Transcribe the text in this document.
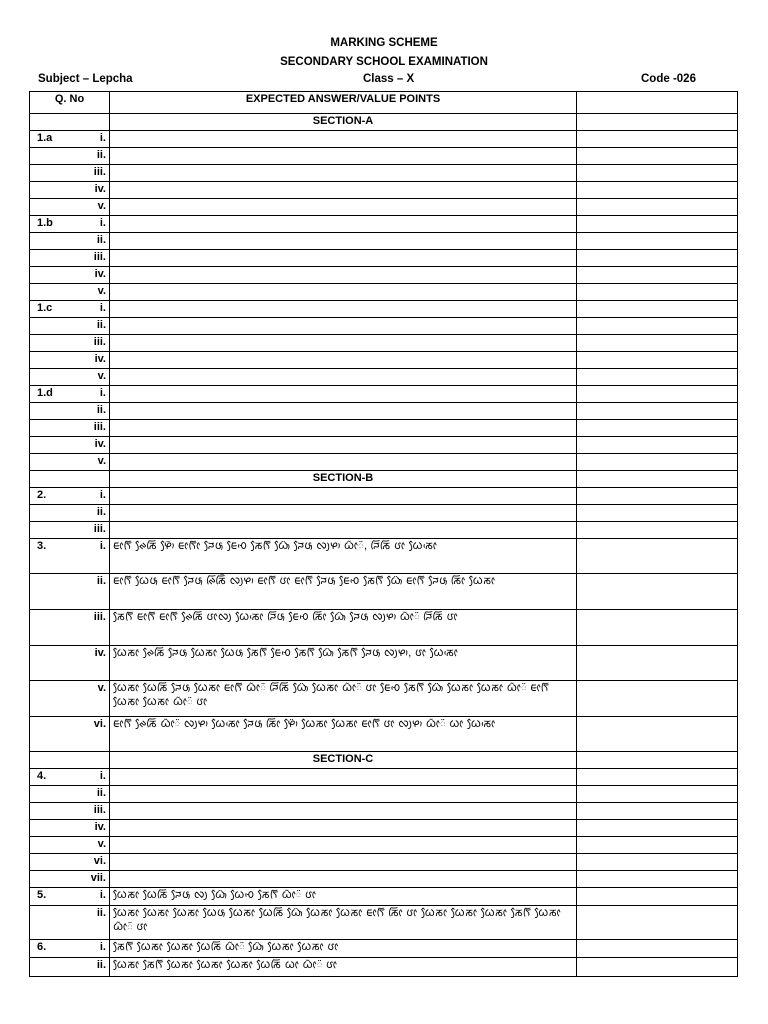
MARKING SCHEME
SECONDARY SCHOOL EXAMINATION
Subject – Lepcha	Class – X	Code -026
Q. No	EXPECTED ANSWER/VALUE POINTS	
	SECTION-A	

1.a i.		
ii.		
iii.		
iv.		
v.		

1.b i.		
ii.		
iii.		
iv.		
v.		

1.c i.		
ii.		
iii.		
iv.		
v.		

1.d i.		
ii.		
iii.		
iv.		
v.		
	SECTION-B	

2. i.		
ii.		
iii.		

3. i.	ᰀᰦᰛᰩ ᰊᰧᰕᰩ ᰋᰥᰧᰮ ᰀᰦᰛᰩᰦ ᰎᰧᰂᰥ ᰀᰧᰆᰵ ᰕᰧᰛᰩ ᰃᰥᰧᰮ ᰎᰧᰂᰥ ᰜᰪᰋᰥ ᰃᰦᰶᰮ, ᰎᰩᰕᰩ ᰂᰦ ᰃᰧᰕᰦᰵ	
ii.	ᰀᰦᰛᰩ ᰃᰧᰂᰥ ᰀᰦᰛᰩ ᰎᰧᰂᰥ ᰊᰩᰕᰩᰮ ᰜᰪᰋᰥ ᰀᰦᰛᰩ ᰂᰦ ᰀᰦᰛᰩ ᰎᰧᰂᰥ ᰀᰧᰆᰵ ᰕᰧᰛᰩ ᰃᰥᰧᰮ ᰀᰦᰛᰩ ᰎᰧᰂᰥ ᰕᰩᰦ ᰃᰧᰕᰦ	
iii.	ᰕᰧᰛᰩ ᰀᰦᰛᰩ ᰀᰦᰛᰩ ᰊᰧᰕᰩ ᰂᰦᰜᰪ ᰃᰧᰕᰦᰵ ᰎᰩᰂᰥ ᰀᰧᰆᰵ ᰕᰩᰦ ᰃᰥᰧᰮ ᰎᰧᰂᰥ ᰜᰪᰋᰥ ᰃᰦᰶᰮ ᰎᰩᰕᰩ ᰂᰦ	
iv.	ᰃᰧᰕᰦ ᰊᰧᰕᰩ ᰎᰧᰂᰥ ᰃᰧᰕᰦ ᰃᰧᰂᰥ ᰕᰧᰛᰩ ᰀᰧᰆᰵ ᰕᰧᰛᰩ ᰃᰥᰧᰮ ᰕᰧᰛᰩ ᰎᰧᰂᰥ ᰜᰪᰋᰥ, ᰂᰦ ᰃᰧᰕᰦᰵ	
v.	ᰃᰧᰕᰦ ᰃᰧᰕᰩ ᰎᰧᰂᰥ ᰃᰧᰕᰦ ᰀᰦᰛᰩ ᰃᰦᰶᰮ ᰎᰩᰕᰩ ᰃᰥᰧᰮ ᰃᰧᰕᰦ ᰃᰦᰶᰮ ᰂᰦ ᰀᰧᰆᰵ ᰕᰧᰛᰩ ᰃᰥᰧᰮ ᰃᰧᰕᰦ ᰃᰧᰕᰦ ᰃᰦᰶᰮ ᰀᰦᰛᰩ ᰃᰧᰕᰦ ᰃᰧᰕᰦ ᰃᰦᰶᰮ ᰂᰦ	
vi.	ᰀᰦᰛᰩ ᰊᰧᰕᰩ ᰃᰦᰶᰮ ᰜᰪᰋᰥ ᰃᰧᰕᰦᰵ ᰎᰧᰂᰥ ᰕᰩᰦ ᰋᰥᰧᰮ ᰃᰧᰕᰦ ᰃᰧᰕᰦ ᰀᰦᰛᰩ ᰂᰦ ᰜᰪᰋᰥ ᰃᰦᰶᰮ ᰃᰦ ᰃᰧᰕᰦᰵ	
	SECTION-C	

4. i.		
ii.		
iii.		
iv.		
v.		
vi.		
vii.		

5. i.	ᰃᰧᰕᰦ ᰃᰧᰕᰩ ᰎᰧᰂᰥ ᰜᰪ ᰃᰥᰧᰮ ᰃᰧᰆᰵ ᰕᰧᰛᰩ ᰃᰦᰶᰮ ᰂᰦ	
ii.	ᰃᰧᰕᰦ ᰃᰧᰕᰦ ᰃᰧᰕᰦ ᰃᰧᰂᰥ ᰃᰧᰕᰦ ᰃᰧᰕᰩ ᰃᰥᰧᰮ ᰃᰧᰕᰦ ᰃᰧᰕᰦ ᰀᰦᰛᰩ ᰕᰩᰦ ᰂᰦ ᰃᰧᰕᰦ ᰃᰧᰕᰦ ᰃᰧᰕᰦ ᰕᰧᰛᰩ ᰃᰧᰕᰦ ᰃᰦᰶᰮ ᰂᰦ	

6. i.	ᰕᰧᰛᰩ ᰃᰧᰕᰦ ᰃᰧᰕᰦ ᰃᰧᰕᰩ ᰃᰦᰶᰮ ᰃᰥᰧᰮ ᰃᰧᰕᰦ ᰃᰧᰕᰦ ᰂᰦ	
ii.	ᰃᰧᰕᰦ ᰕᰧᰛᰩ ᰃᰧᰕᰦ ᰃᰧᰕᰦ ᰃᰧᰕᰦ ᰃᰧᰕᰩ ᰃᰦ ᰃᰦᰶᰮ ᰂᰦ	
